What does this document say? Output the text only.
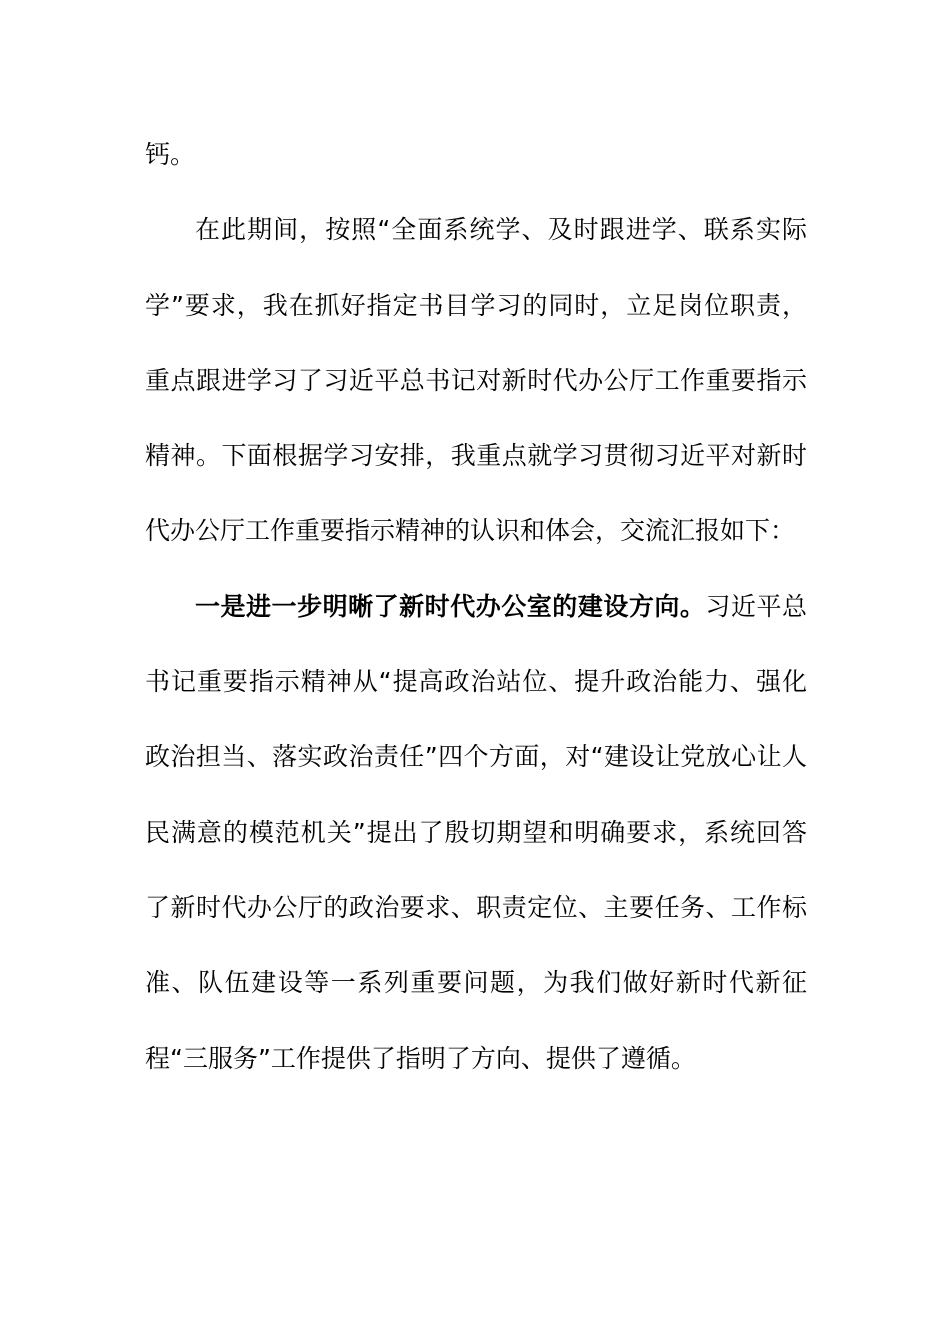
钙。

在此期间，按照“全面系统学、及时跟进学、联系实际学”要求，我在抓好指定书目学习的同时，立足岗位职责，重点跟进学习了习近平总书记对新时代办公厅工作重要指示精神。下面根据学习安排，我重点就学习贯彻习近平对新时代办公厅工作重要指示精神的认识和体会，交流汇报如下：

一是进一步明晰了新时代办公室的建设方向。习近平总书记重要指示精神从“提高政治站位、提升政治能力、强化政治担当、落实政治责任”四个方面，对“建设让党放心让人民满意的模范机关”提出了殷切期望和明确要求，系统回答了新时代办公厅的政治要求、职责定位、主要任务、工作标准、队伍建设等一系列重要问题，为我们做好新时代新征程“三服务”工作提供了指明了方向、提供了遵循。
